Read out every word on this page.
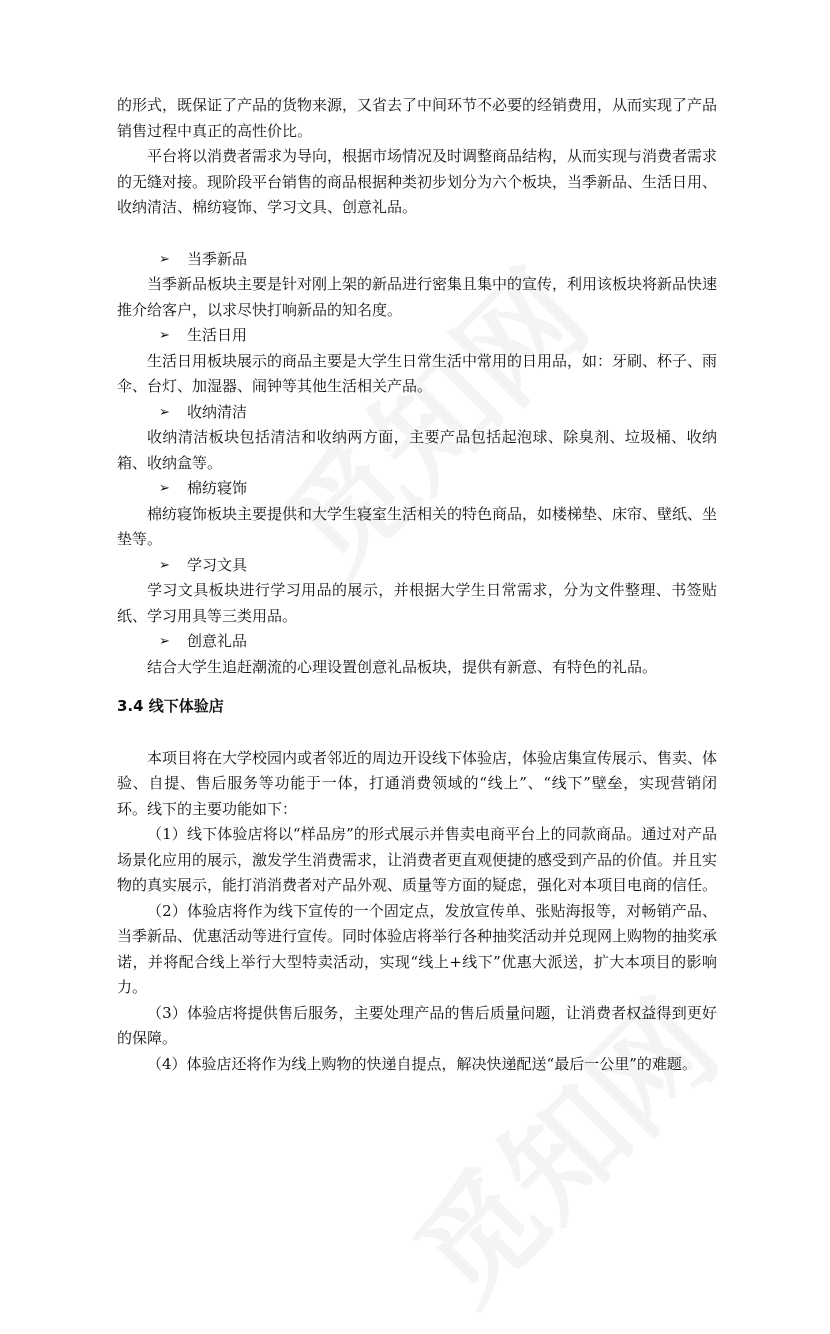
的形式，既保证了产品的货物来源，又省去了中间环节不必要的经销费用，从而实现了产品销售过程中真正的高性价比。

平台将以消费者需求为导向，根据市场情况及时调整商品结构，从而实现与消费者需求的无缝对接。现阶段平台销售的商品根据种类初步划分为六个板块，当季新品、生活日用、收纳清洁、棉纺寝饰、学习文具、创意礼品。

➢	当季新品

当季新品板块主要是针对刚上架的新品进行密集且集中的宣传，利用该板块将新品快速推介给客户，以求尽快打响新品的知名度。

➢	生活日用

生活日用板块展示的商品主要是大学生日常生活中常用的日用品，如：牙刷、杯子、雨伞、台灯、加湿器、闹钟等其他生活相关产品。

➢	收纳清洁

收纳清洁板块包括清洁和收纳两方面，主要产品包括起泡球、除臭剂、垃圾桶、收纳箱、收纳盒等。

➢	棉纺寝饰

棉纺寝饰板块主要提供和大学生寝室生活相关的特色商品，如楼梯垫、床帘、壁纸、坐垫等。

➢	学习文具

学习文具板块进行学习用品的展示，并根据大学生日常需求，分为文件整理、书签贴纸、学习用具等三类用品。

➢	创意礼品

结合大学生追赶潮流的心理设置创意礼品板块，提供有新意、有特色的礼品。

3.4 线下体验店

本项目将在大学校园内或者邻近的周边开设线下体验店，体验店集宣传展示、售卖、体验、自提、售后服务等功能于一体，打通消费领域的“线上”、“线下”壁垒，实现营销闭环。线下的主要功能如下：

（1）线下体验店将以“样品房”的形式展示并售卖电商平台上的同款商品。通过对产品场景化应用的展示，激发学生消费需求，让消费者更直观便捷的感受到产品的价值。并且实物的真实展示，能打消消费者对产品外观、质量等方面的疑虑，强化对本项目电商的信任。

（2）体验店将作为线下宣传的一个固定点，发放宣传单、张贴海报等，对畅销产品、当季新品、优惠活动等进行宣传。同时体验店将举行各种抽奖活动并兑现网上购物的抽奖承诺，并将配合线上举行大型特卖活动，实现“线上+线下”优惠大派送，扩大本项目的影响力。

（3）体验店将提供售后服务，主要处理产品的售后质量问题，让消费者权益得到更好的保障。

（4）体验店还将作为线上购物的快递自提点，解决快递配送“最后一公里”的难题。
